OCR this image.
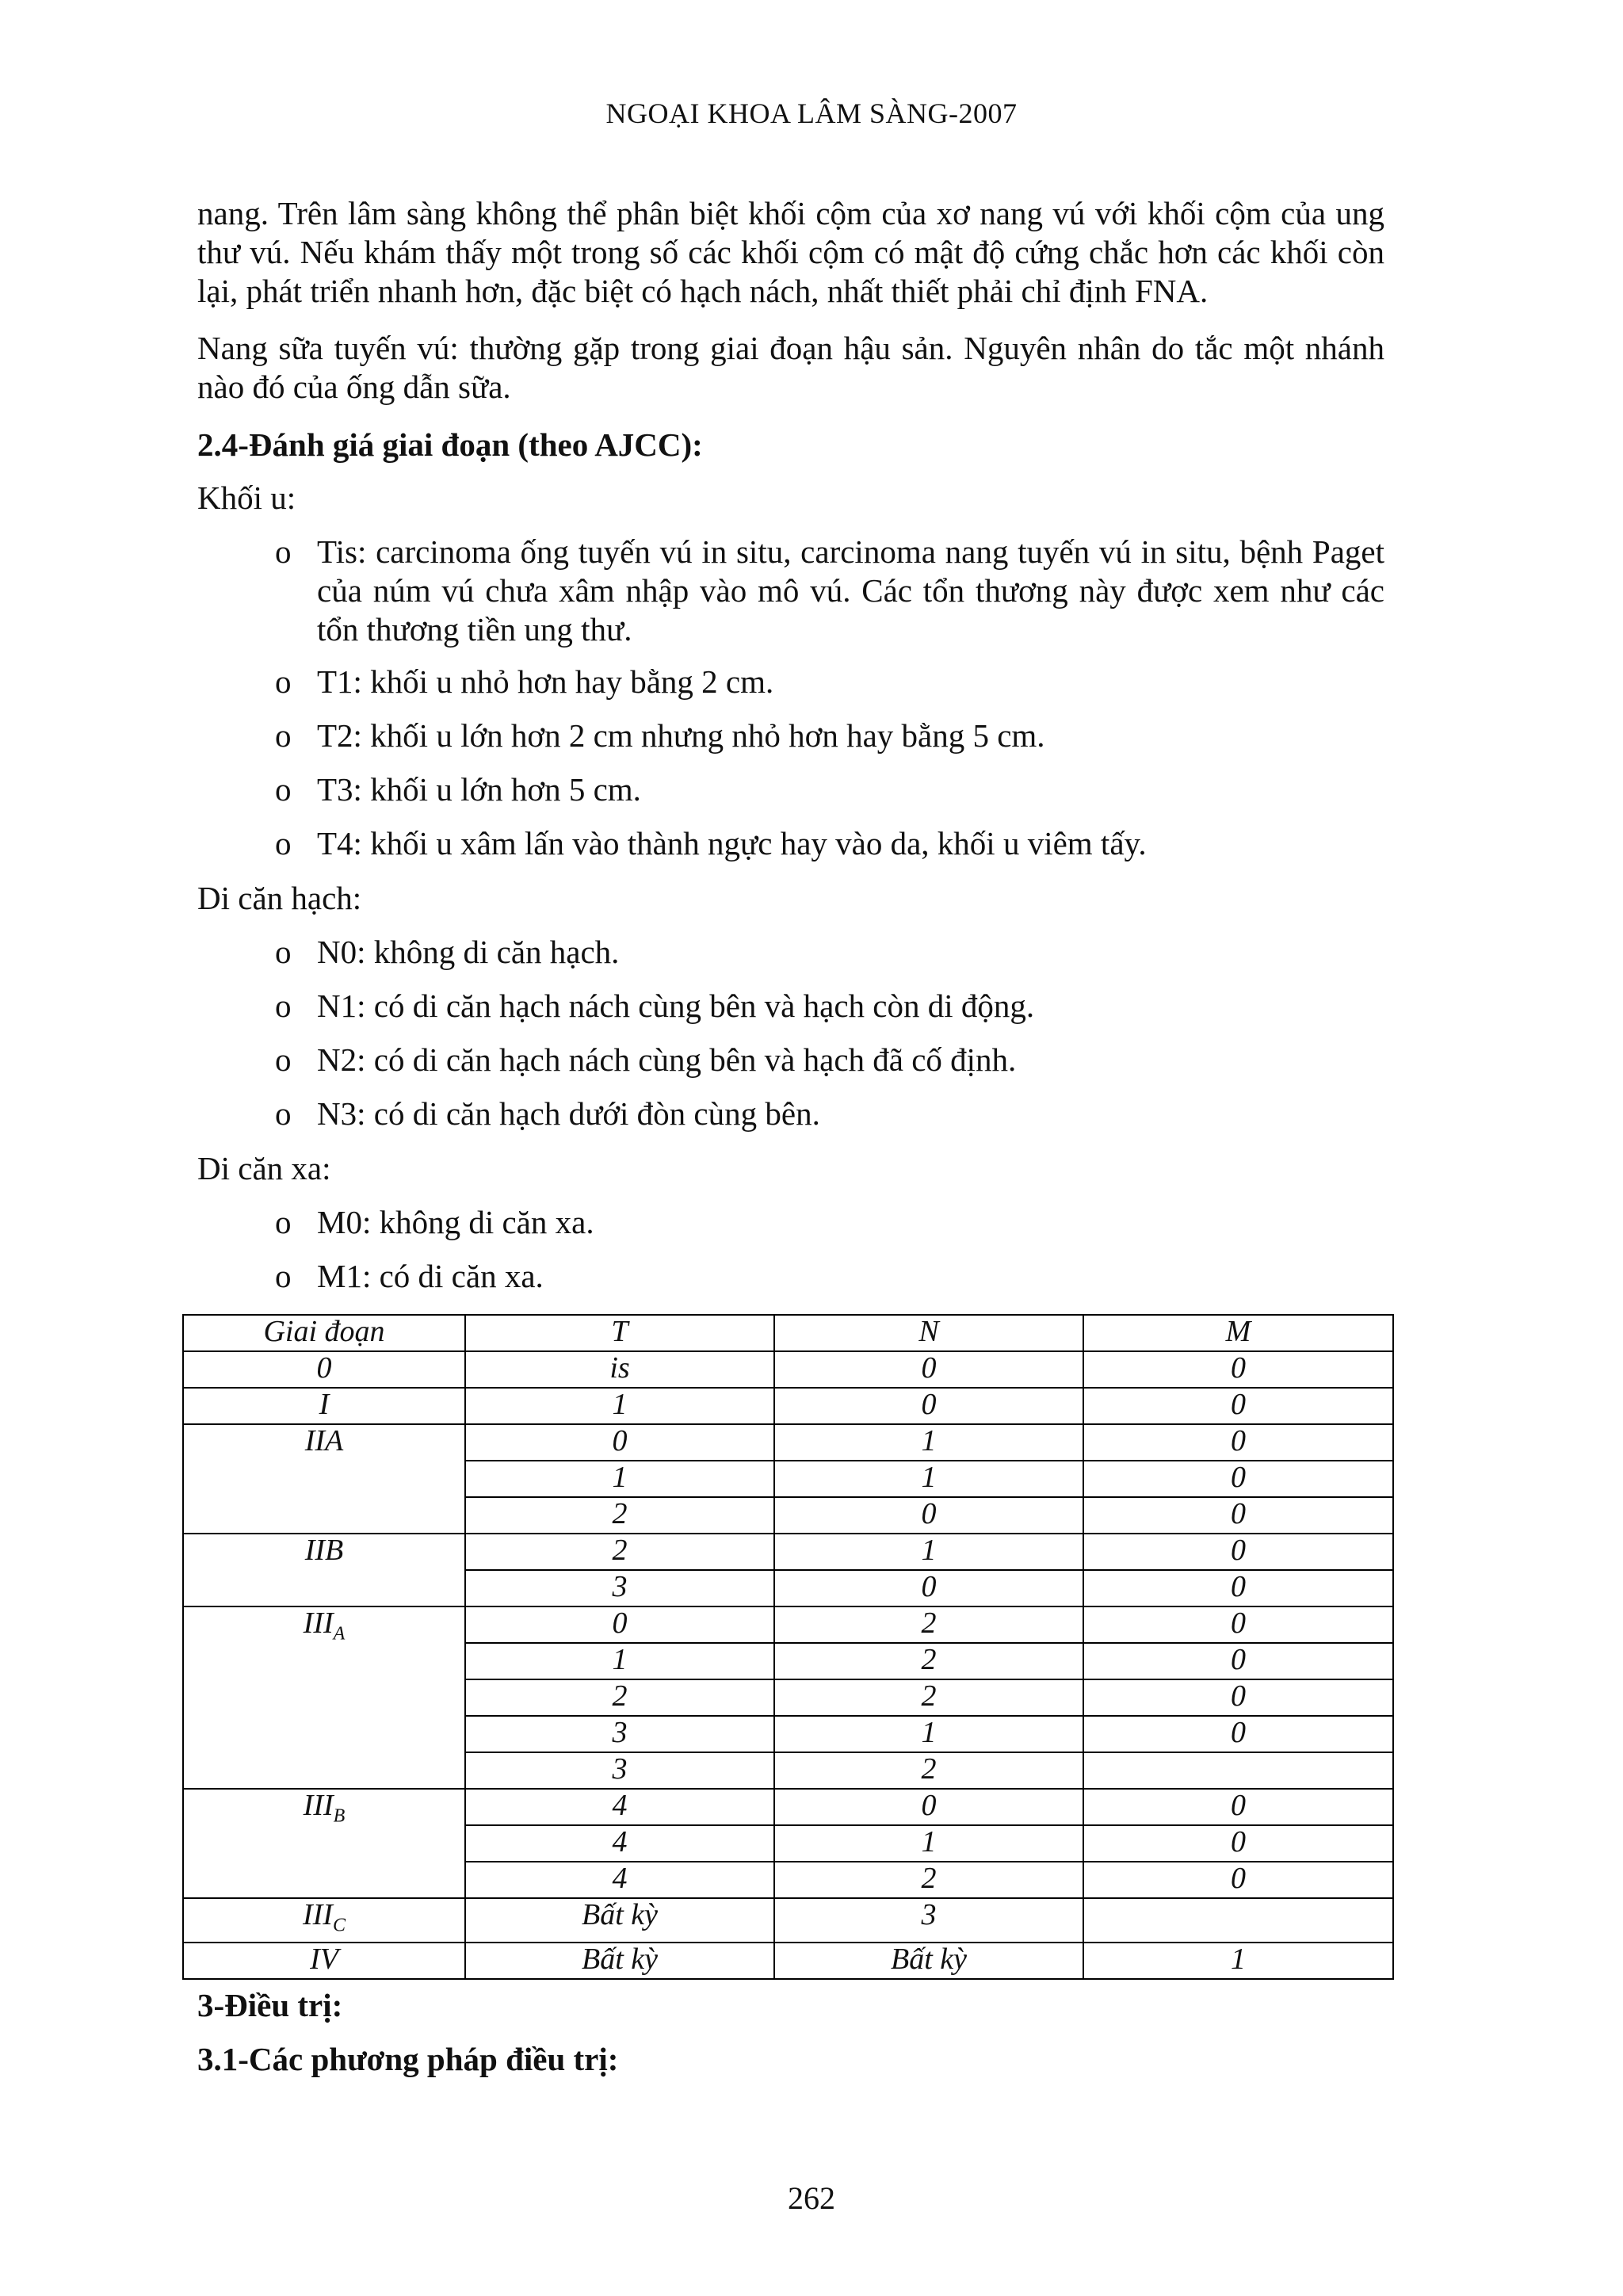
NGOẠI KHOA LÂM SÀNG-2007
nang. Trên lâm sàng không thể phân biệt khối cộm của xơ nang vú với khối cộm của ung thư vú. Nếu khám thấy một trong số các khối cộm có mật độ cứng chắc hơn các khối còn lại, phát triển nhanh hơn, đặc biệt có hạch nách, nhất thiết phải chỉ định FNA.
Nang sữa tuyến vú: thường gặp trong giai đoạn hậu sản. Nguyên nhân do tắc một nhánh nào đó của ống dẫn sữa.
2.4-Đánh giá giai đoạn (theo AJCC):
Khối u:
o Tis: carcinoma ống tuyến vú in situ, carcinoma nang tuyến vú in situ, bệnh Paget của núm vú chưa xâm nhập vào mô vú. Các tổn thương này được xem như các tổn thương tiền ung thư.
o T1: khối u nhỏ hơn hay bằng 2 cm.
o T2: khối u lớn hơn 2 cm nhưng nhỏ hơn hay bằng 5 cm.
o T3: khối u lớn hơn 5 cm.
o T4: khối u xâm lấn vào thành ngực hay vào da, khối u viêm tấy.
Di căn hạch:
o N0: không di căn hạch.
o N1: có di căn hạch nách cùng bên và hạch còn di động.
o N2: có di căn hạch nách cùng bên và hạch đã cố định.
o N3: có di căn hạch dưới đòn cùng bên.
Di căn xa:
o M0: không di căn xa.
o M1: có di căn xa.
Giai đoạn	T	N	M
0	is	0	0
I	1	0	0
IIA	0	1	0
	1	1	0
	2	0	0
IIB	2	1	0
	3	0	0
$III_A$	0	2	0
	1	2	0
	2	2	0
	3	1	0
	3	2	
$III_B$	4	0	0
	4	1	0
	4	2	0
$III_C$	Bất kỳ	3	
IV	Bất kỳ	Bất kỳ	1
3-Điều trị:
3.1-Các phương pháp điều trị:
262
